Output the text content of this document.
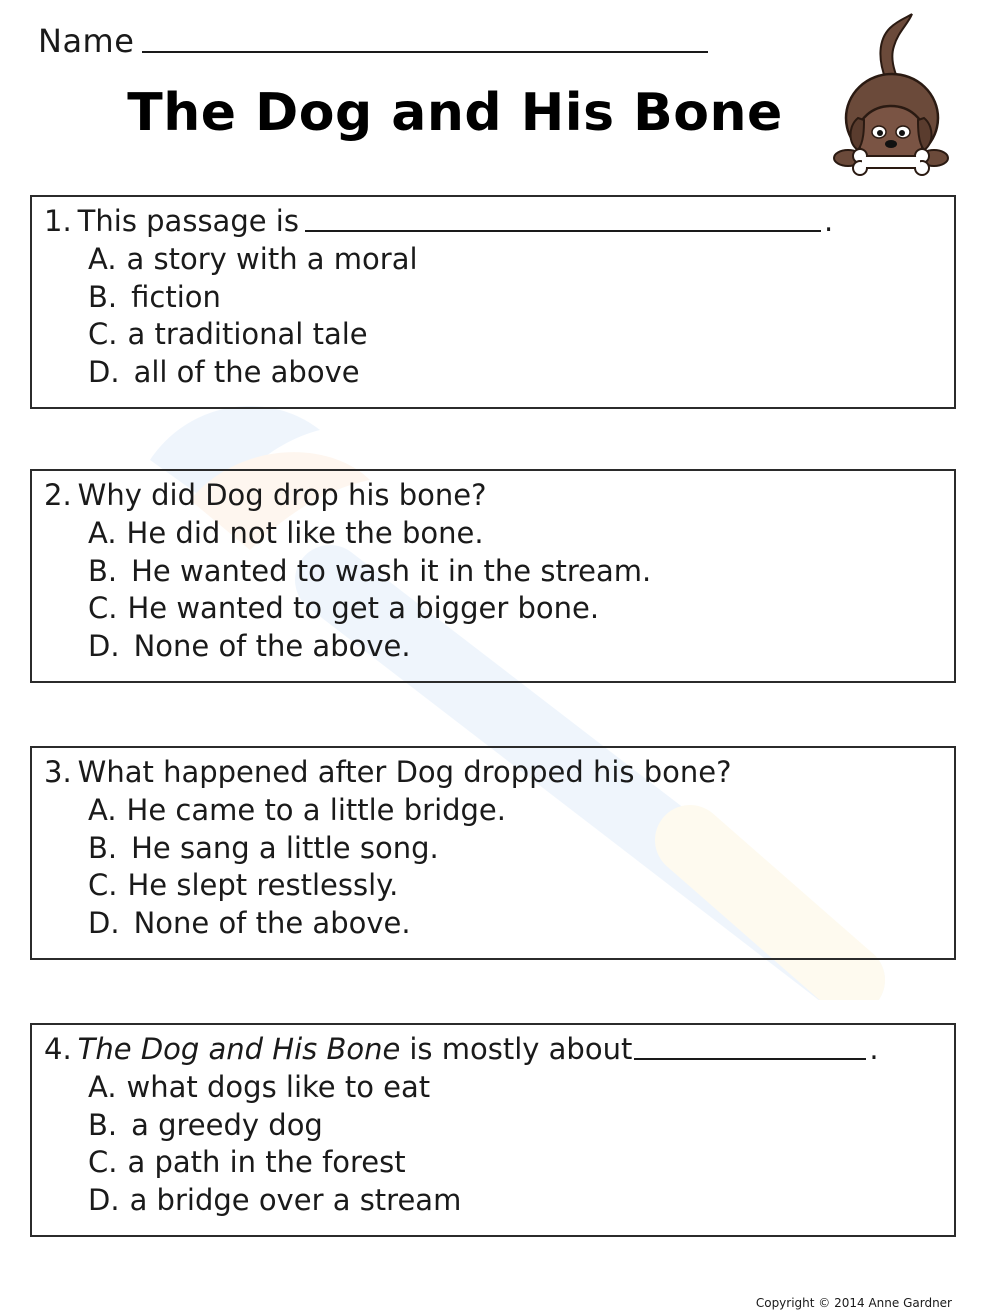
Name
The Dog and His Bone
1. This passage is	.
A. a story with a moral
B. fiction
C. a traditional tale
D. all of the above
2. Why did Dog drop his bone?
A. He did not like the bone.
B. He wanted to wash it in the stream.
C. He wanted to get a bigger bone.
D. None of the above.
3. What happened after Dog dropped his bone?
A. He came to a little bridge.
B. He sang a little song.
C. He slept restlessly.
D. None of the above.
4. The Dog and His Bone is mostly about	.
A. what dogs like to eat
B. a greedy dog
C. a path in the forest
D. a bridge over a stream
Copyright © 2014 Anne Gardner
